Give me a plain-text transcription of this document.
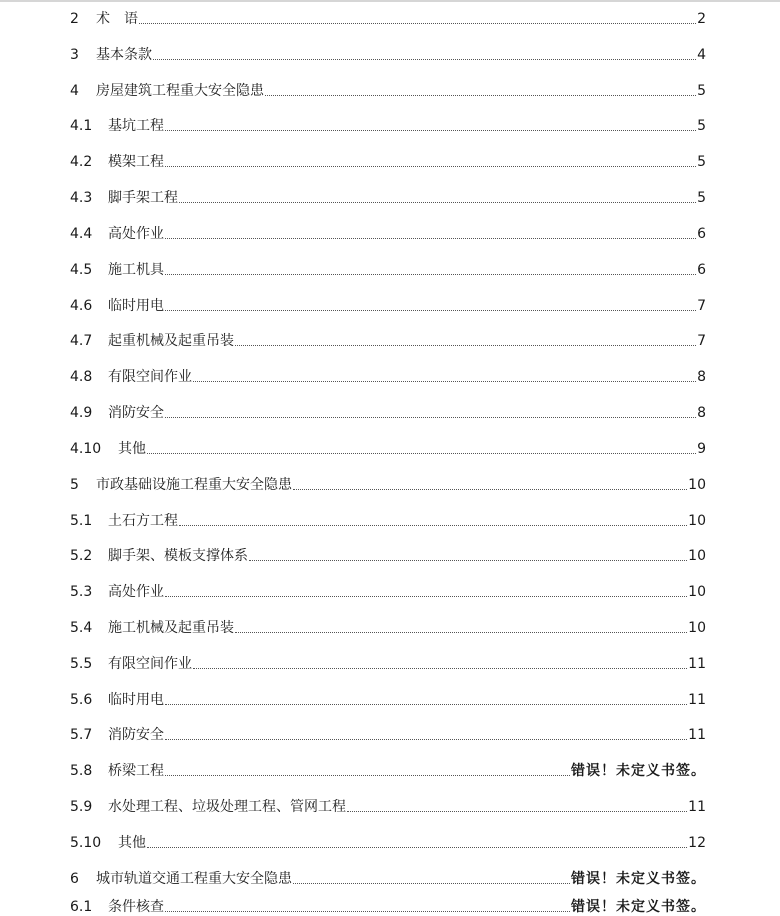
2	术　语	2
3	基本条款	4
4	房屋建筑工程重大安全隐患	5
4.1	基坑工程	5
4.2	模架工程	5
4.3	脚手架工程	5
4.4	高处作业	6
4.5	施工机具	6
4.6	临时用电	7
4.7	起重机械及起重吊装	7
4.8	有限空间作业	8
4.9	消防安全	8
4.10	其他	9
5	市政基础设施工程重大安全隐患	10
5.1	土石方工程	10
5.2	脚手架、模板支撑体系	10
5.3	高处作业	10
5.4	施工机械及起重吊装	10
5.5	有限空间作业	11
5.6	临时用电	11
5.7	消防安全	11
5.8	桥梁工程	错误！未定义书签。
5.9	水处理工程、垃圾处理工程、管网工程	11
5.10	其他	12
6	城市轨道交通工程重大安全隐患	错误！未定义书签。
6.1	条件核查	错误！未定义书签。
